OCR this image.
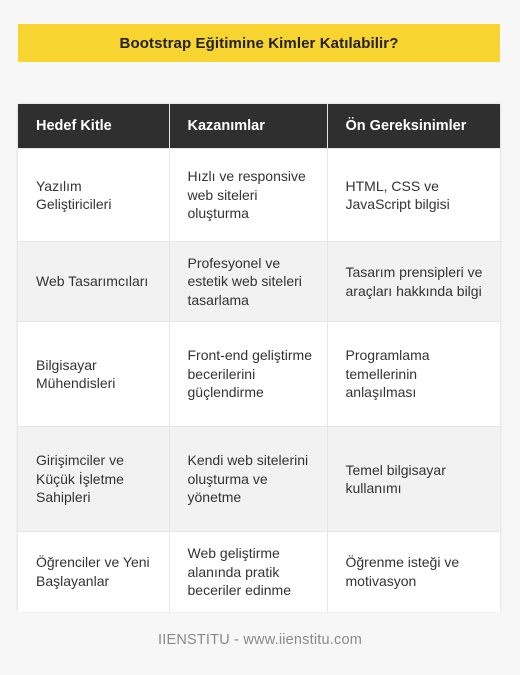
Bootstrap Eğitimine Kimler Katılabilir?
Hedef Kitle	Kazanımlar	Ön Gereksinimler
Yazılım Geliştiricileri	Hızlı ve responsive web siteleri oluşturma	HTML, CSS ve JavaScript bilgisi
Web Tasarımcıları	Profesyonel ve estetik web siteleri tasarlama	Tasarım prensipleri ve araçları hakkında bilgi
Bilgisayar Mühendisleri	Front-end geliştirme becerilerini güçlendirme	Programlama temellerinin anlaşılması
Girişimciler ve Küçük İşletme Sahipleri	Kendi web sitelerini oluşturma ve yönetme	Temel bilgisayar kullanımı
Öğrenciler ve Yeni Başlayanlar	Web geliştirme alanında pratik beceriler edinme	Öğrenme isteği ve motivasyon
IIENSTITU - www.iienstitu.com
